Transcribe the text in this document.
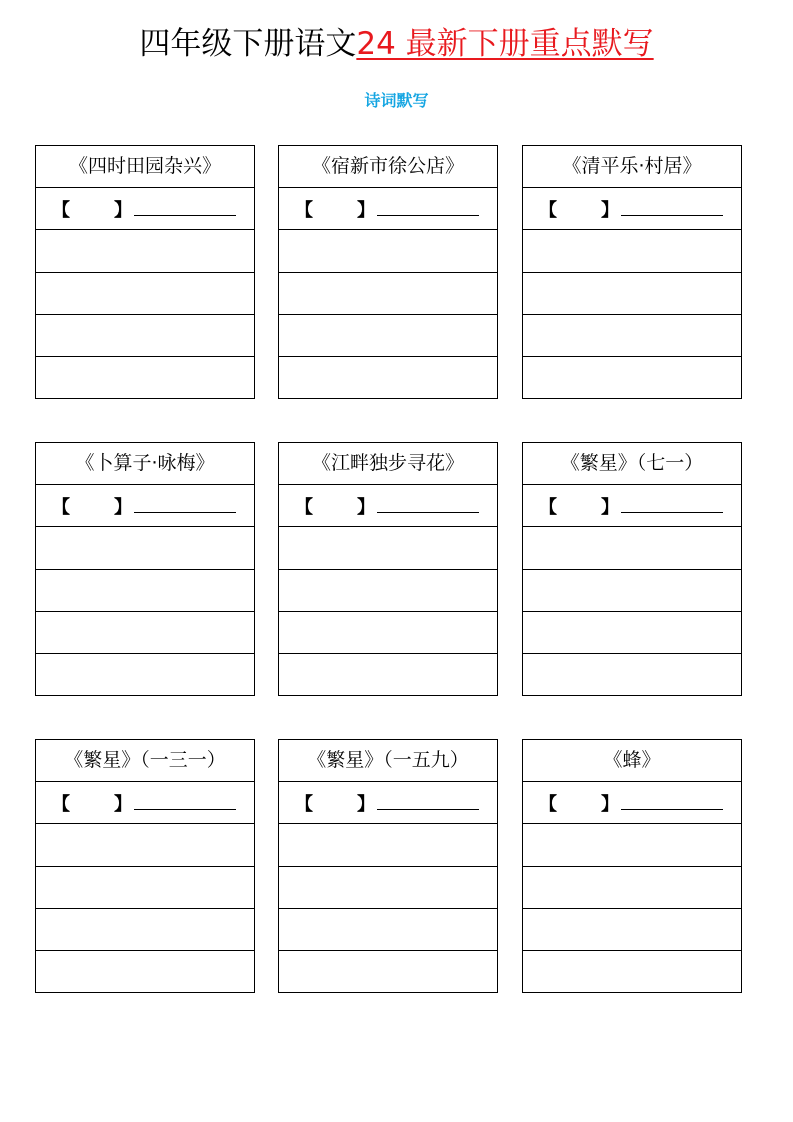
四年级下册语文24 最新下册重点默写
诗词默写
《四时田园杂兴》
【 】
《宿新市徐公店》
【 】
《清平乐·村居》
【 】
《卜算子·咏梅》
【 】
《江畔独步寻花》
【 】
《繁星》（七一）
【 】
《繁星》（一三一）
【 】
《繁星》（一五九）
【 】
《蜂》
【 】
